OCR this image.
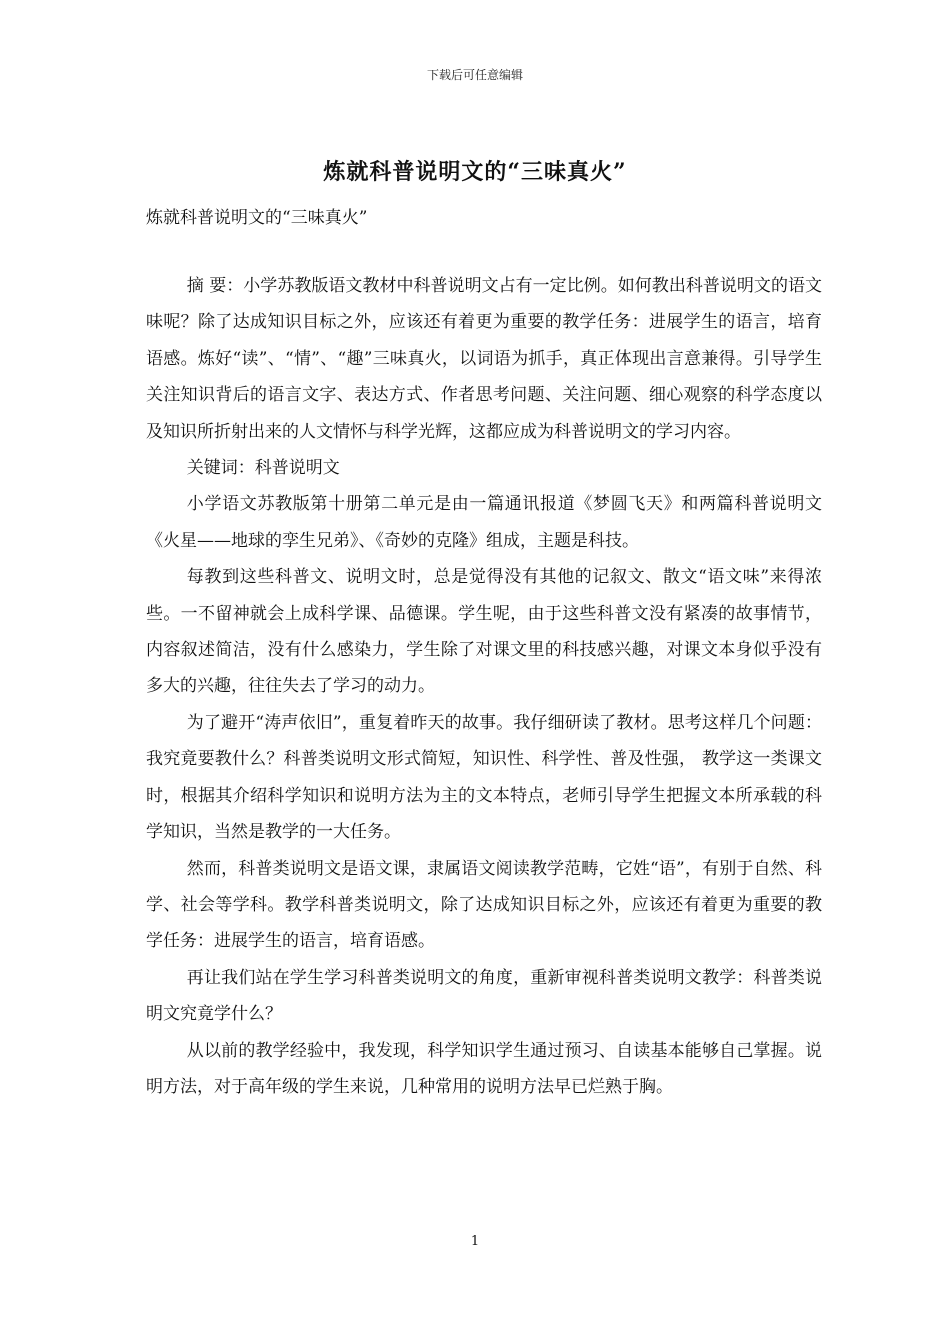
下载后可任意编辑
炼就科普说明文的“三味真火”
炼就科普说明文的“三味真火”

摘 要：小学苏教版语文教材中科普说明文占有一定比例。如何教出科普说明文的语文味呢？除了达成知识目标之外，应该还有着更为重要的教学任务：进展学生的语言，培育语感。炼好“读”、“情”、“趣”三味真火，以词语为抓手，真正体现出言意兼得。引导学生关注知识背后的语言文字、表达方式、作者思考问题、关注问题、细心观察的科学态度以及知识所折射出来的人文情怀与科学光辉，这都应成为科普说明文的学习内容。

关键词：科普说明文

小学语文苏教版第十册第二单元是由一篇通讯报道《梦圆飞天》和两篇科普说明文《火星——地球的孪生兄弟》、《奇妙的克隆》组成，主题是科技。

每教到这些科普文、说明文时，总是觉得没有其他的记叙文、散文“语文味”来得浓些。一不留神就会上成科学课、品德课。学生呢，由于这些科普文没有紧凑的故事情节，内容叙述简洁，没有什么感染力，学生除了对课文里的科技感兴趣，对课文本身似乎没有多大的兴趣，往往失去了学习的动力。

为了避开“涛声依旧”，重复着昨天的故事。我仔细研读了教材。思考这样几个问题：我究竟要教什么？科普类说明文形式简短，知识性、科学性、普及性强， 教学这一类课文时，根据其介绍科学知识和说明方法为主的文本特点，老师引导学生把握文本所承载的科学知识，当然是教学的一大任务。

然而，科普类说明文是语文课，隶属语文阅读教学范畴，它姓“语”，有别于自然、科学、社会等学科。教学科普类说明文，除了达成知识目标之外，应该还有着更为重要的教学任务：进展学生的语言，培育语感。

再让我们站在学生学习科普类说明文的角度，重新审视科普类说明文教学：科普类说明文究竟学什么？

从以前的教学经验中，我发现，科学知识学生通过预习、自读基本能够自己掌握。说明方法，对于高年级的学生来说，几种常用的说明方法早已烂熟于胸。

1
